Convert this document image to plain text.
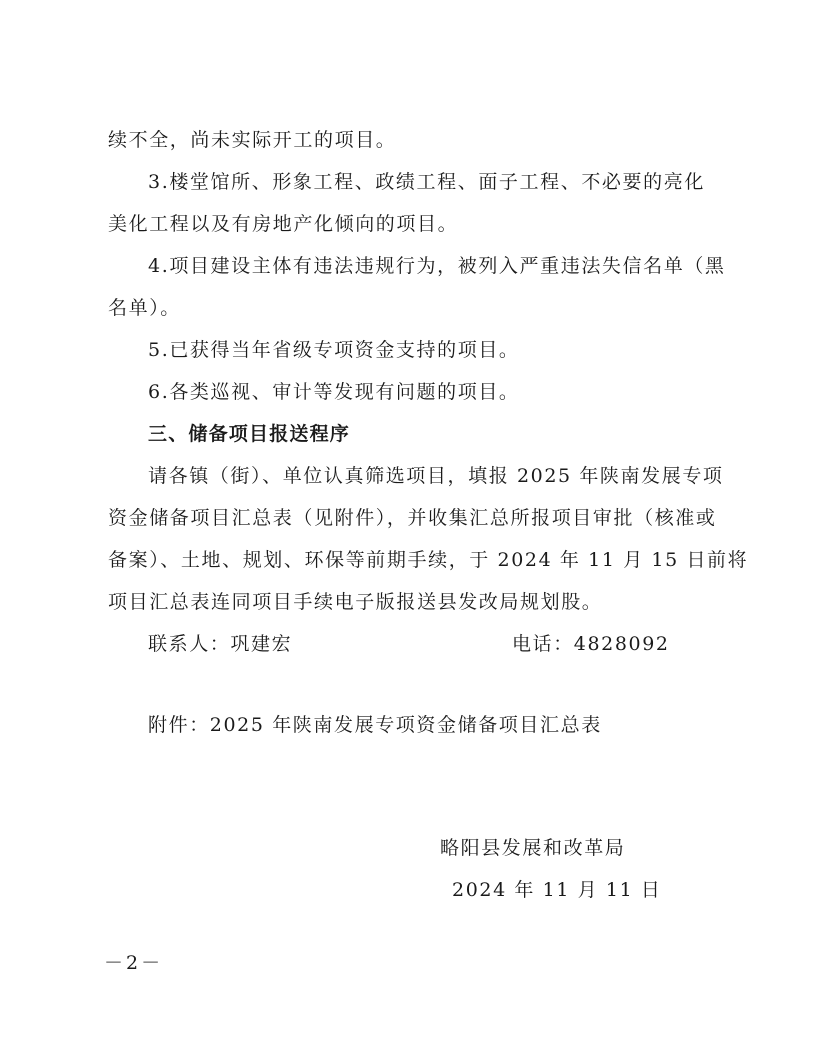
续不全，尚未实际开工的项目。
3.楼堂馆所、形象工程、政绩工程、面子工程、不必要的亮化
美化工程以及有房地产化倾向的项目。
4.项目建设主体有违法违规行为，被列入严重违法失信名单（黑
名单）。
5.已获得当年省级专项资金支持的项目。
6.各类巡视、审计等发现有问题的项目。
三、储备项目报送程序
请各镇（街）、单位认真筛选项目，填报 2025 年陕南发展专项
资金储备项目汇总表（见附件），并收集汇总所报项目审批（核准或
备案）、土地、规划、环保等前期手续，于 2024 年 11 月 15 日前将
项目汇总表连同项目手续电子版报送县发改局规划股。
联系人：巩建宏	电话：4828092
附件：2025 年陕南发展专项资金储备项目汇总表
略阳县发展和改革局
2024 年 11 月 11 日
－2－
